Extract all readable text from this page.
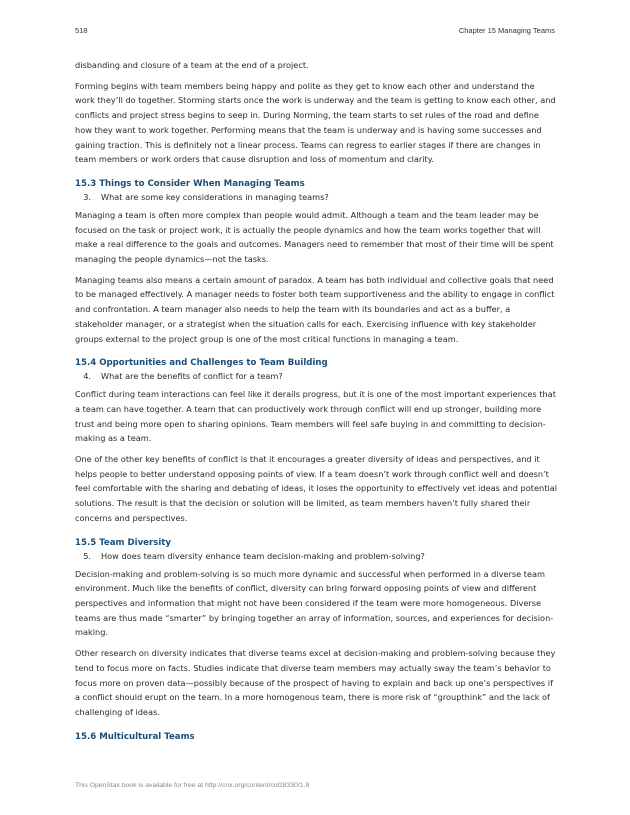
518	Chapter 15 Managing Teams

disbanding and closure of a team at the end of a project.

Forming begins with team members being happy and polite as they get to know each other and understand the work they’ll do together. Storming starts once the work is underway and the team is getting to know each other, and conflicts and project stress begins to seep in. During Norming, the team starts to set rules of the road and define how they want to work together. Performing means that the team is underway and is having some successes and gaining traction. This is definitely not a linear process. Teams can regress to earlier stages if there are changes in team members or work orders that cause disruption and loss of momentum and clarity.

15.3 Things to Consider When Managing Teams
3.	What are some key considerations in managing teams?

Managing a team is often more complex than people would admit. Although a team and the team leader may be focused on the task or project work, it is actually the people dynamics and how the team works together that will make a real difference to the goals and outcomes. Managers need to remember that most of their time will be spent managing the people dynamics—not the tasks.

Managing teams also means a certain amount of paradox. A team has both individual and collective goals that need to be managed effectively. A manager needs to foster both team supportiveness and the ability to engage in conflict and confrontation. A team manager also needs to help the team with its boundaries and act as a buffer, a stakeholder manager, or a strategist when the situation calls for each. Exercising influence with key stakeholder groups external to the project group is one of the most critical functions in managing a team.

15.4 Opportunities and Challenges to Team Building
4.	What are the benefits of conflict for a team?

Conflict during team interactions can feel like it derails progress, but it is one of the most important experiences that a team can have together. A team that can productively work through conflict will end up stronger, building more trust and being more open to sharing opinions. Team members will feel safe buying in and committing to decision-making as a team.

One of the other key benefits of conflict is that it encourages a greater diversity of ideas and perspectives, and it helps people to better understand opposing points of view. If a team doesn’t work through conflict well and doesn’t feel comfortable with the sharing and debating of ideas, it loses the opportunity to effectively vet ideas and potential solutions. The result is that the decision or solution will be limited, as team members haven’t fully shared their concerns and perspectives.

15.5 Team Diversity
5.	How does team diversity enhance team decision-making and problem-solving?

Decision-making and problem-solving is so much more dynamic and successful when performed in a diverse team environment. Much like the benefits of conflict, diversity can bring forward opposing points of view and different perspectives and information that might not have been considered if the team were more homogeneous. Diverse teams are thus made “smarter” by bringing together an array of information, sources, and experiences for decision-making.

Other research on diversity indicates that diverse teams excel at decision-making and problem-solving because they tend to focus more on facts. Studies indicate that diverse team members may actually sway the team’s behavior to focus more on proven data—possibly because of the prospect of having to explain and back up one’s perspectives if a conflict should erupt on the team. In a more homogenous team, there is more risk of “groupthink” and the lack of challenging of ideas.

15.6 Multicultural Teams
This OpenStax book is available for free at http://cnx.org/content/col28330/1.8
